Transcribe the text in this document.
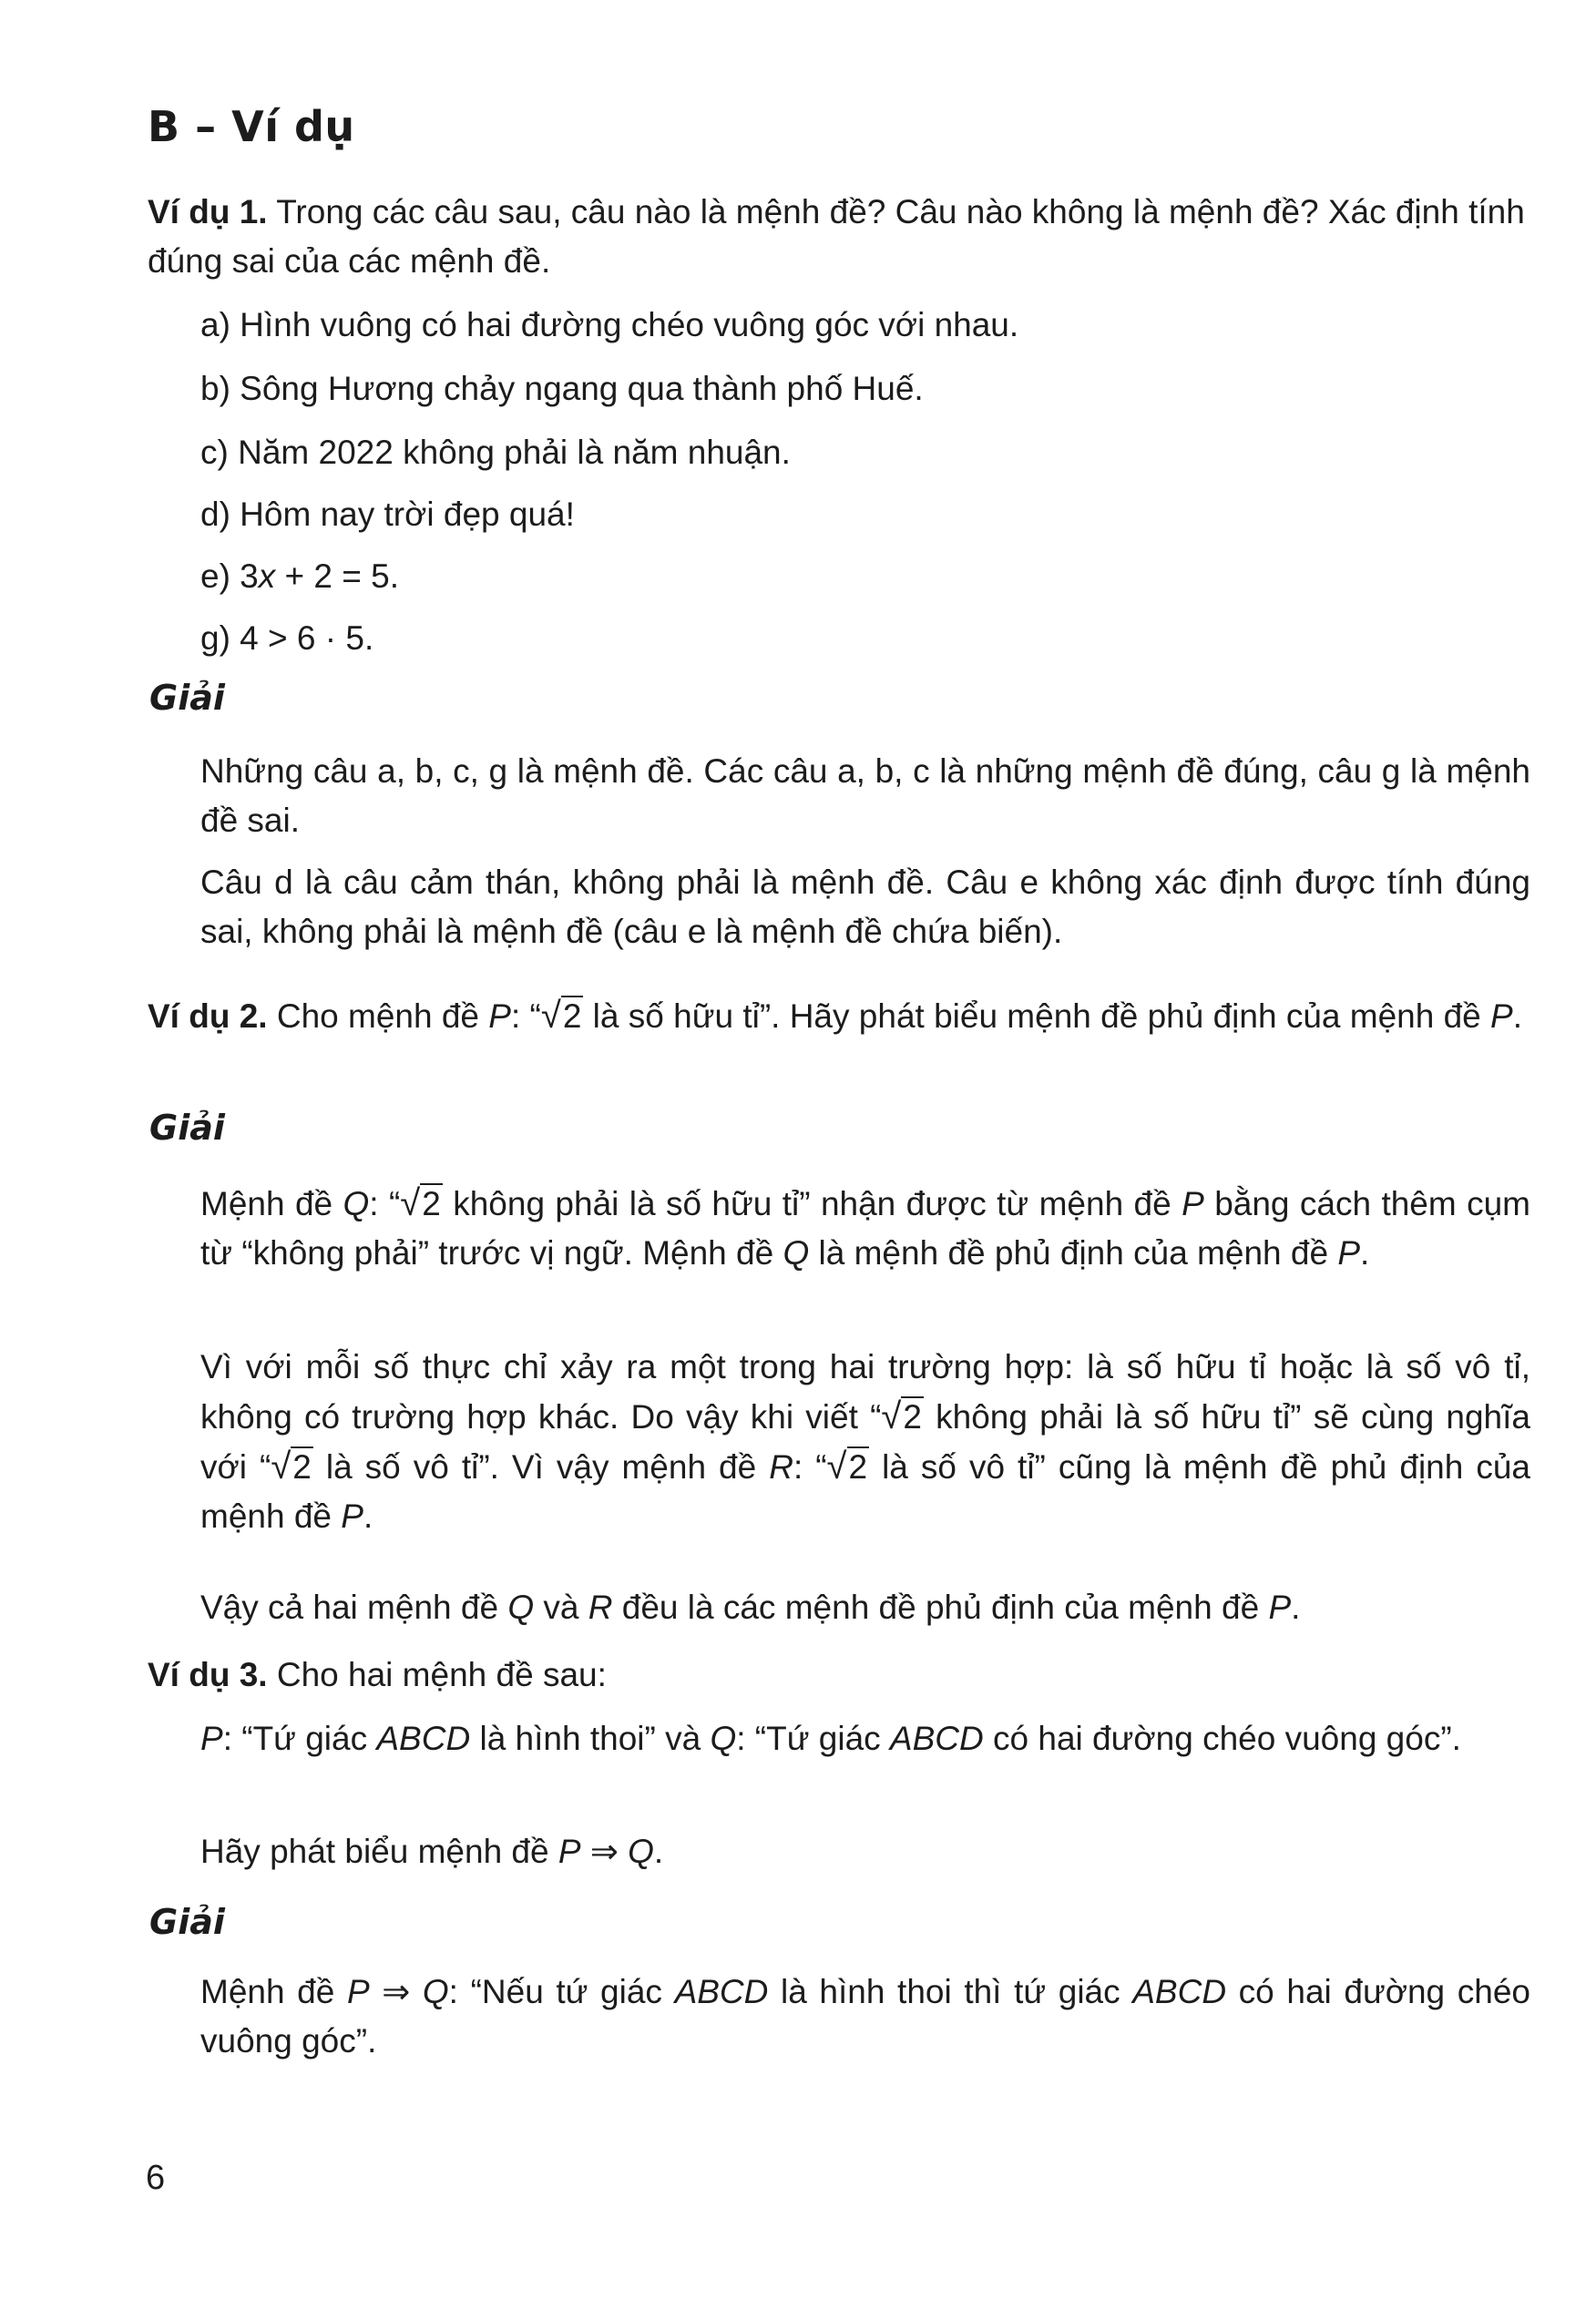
B – Ví dụ
Ví dụ 1. Trong các câu sau, câu nào là mệnh đề? Câu nào không là mệnh đề? Xác định tính đúng sai của các mệnh đề.
a) Hình vuông có hai đường chéo vuông góc với nhau.
b) Sông Hương chảy ngang qua thành phố Huế.
c) Năm 2022 không phải là năm nhuận.
d) Hôm nay trời đẹp quá!
e) 3x + 2 = 5.
g) 4 > 6 · 5.
Giải
Những câu a, b, c, g là mệnh đề. Các câu a, b, c là những mệnh đề đúng, câu g là mệnh đề sai.
Câu d là câu cảm thán, không phải là mệnh đề. Câu e không xác định được tính đúng sai, không phải là mệnh đề (câu e là mệnh đề chứa biến).
Ví dụ 2. Cho mệnh đề P: “√2 là số hữu tỉ”. Hãy phát biểu mệnh đề phủ định của mệnh đề P.
Giải
Mệnh đề Q: “√2 không phải là số hữu tỉ” nhận được từ mệnh đề P bằng cách thêm cụm từ “không phải” trước vị ngữ. Mệnh đề Q là mệnh đề phủ định của mệnh đề P.
Vì với mỗi số thực chỉ xảy ra một trong hai trường hợp: là số hữu tỉ hoặc là số vô tỉ, không có trường hợp khác. Do vậy khi viết “√2 không phải là số hữu tỉ” sẽ cùng nghĩa với “√2 là số vô tỉ”. Vì vậy mệnh đề R: “√2 là số vô tỉ” cũng là mệnh đề phủ định của mệnh đề P.
Vậy cả hai mệnh đề Q và R đều là các mệnh đề phủ định của mệnh đề P.
Ví dụ 3. Cho hai mệnh đề sau:
P: “Tứ giác ABCD là hình thoi” và Q: “Tứ giác ABCD có hai đường chéo vuông góc”.
Hãy phát biểu mệnh đề P ⇒ Q.
Giải
Mệnh đề P ⇒ Q: “Nếu tứ giác ABCD là hình thoi thì tứ giác ABCD có hai đường chéo vuông góc”.
6
